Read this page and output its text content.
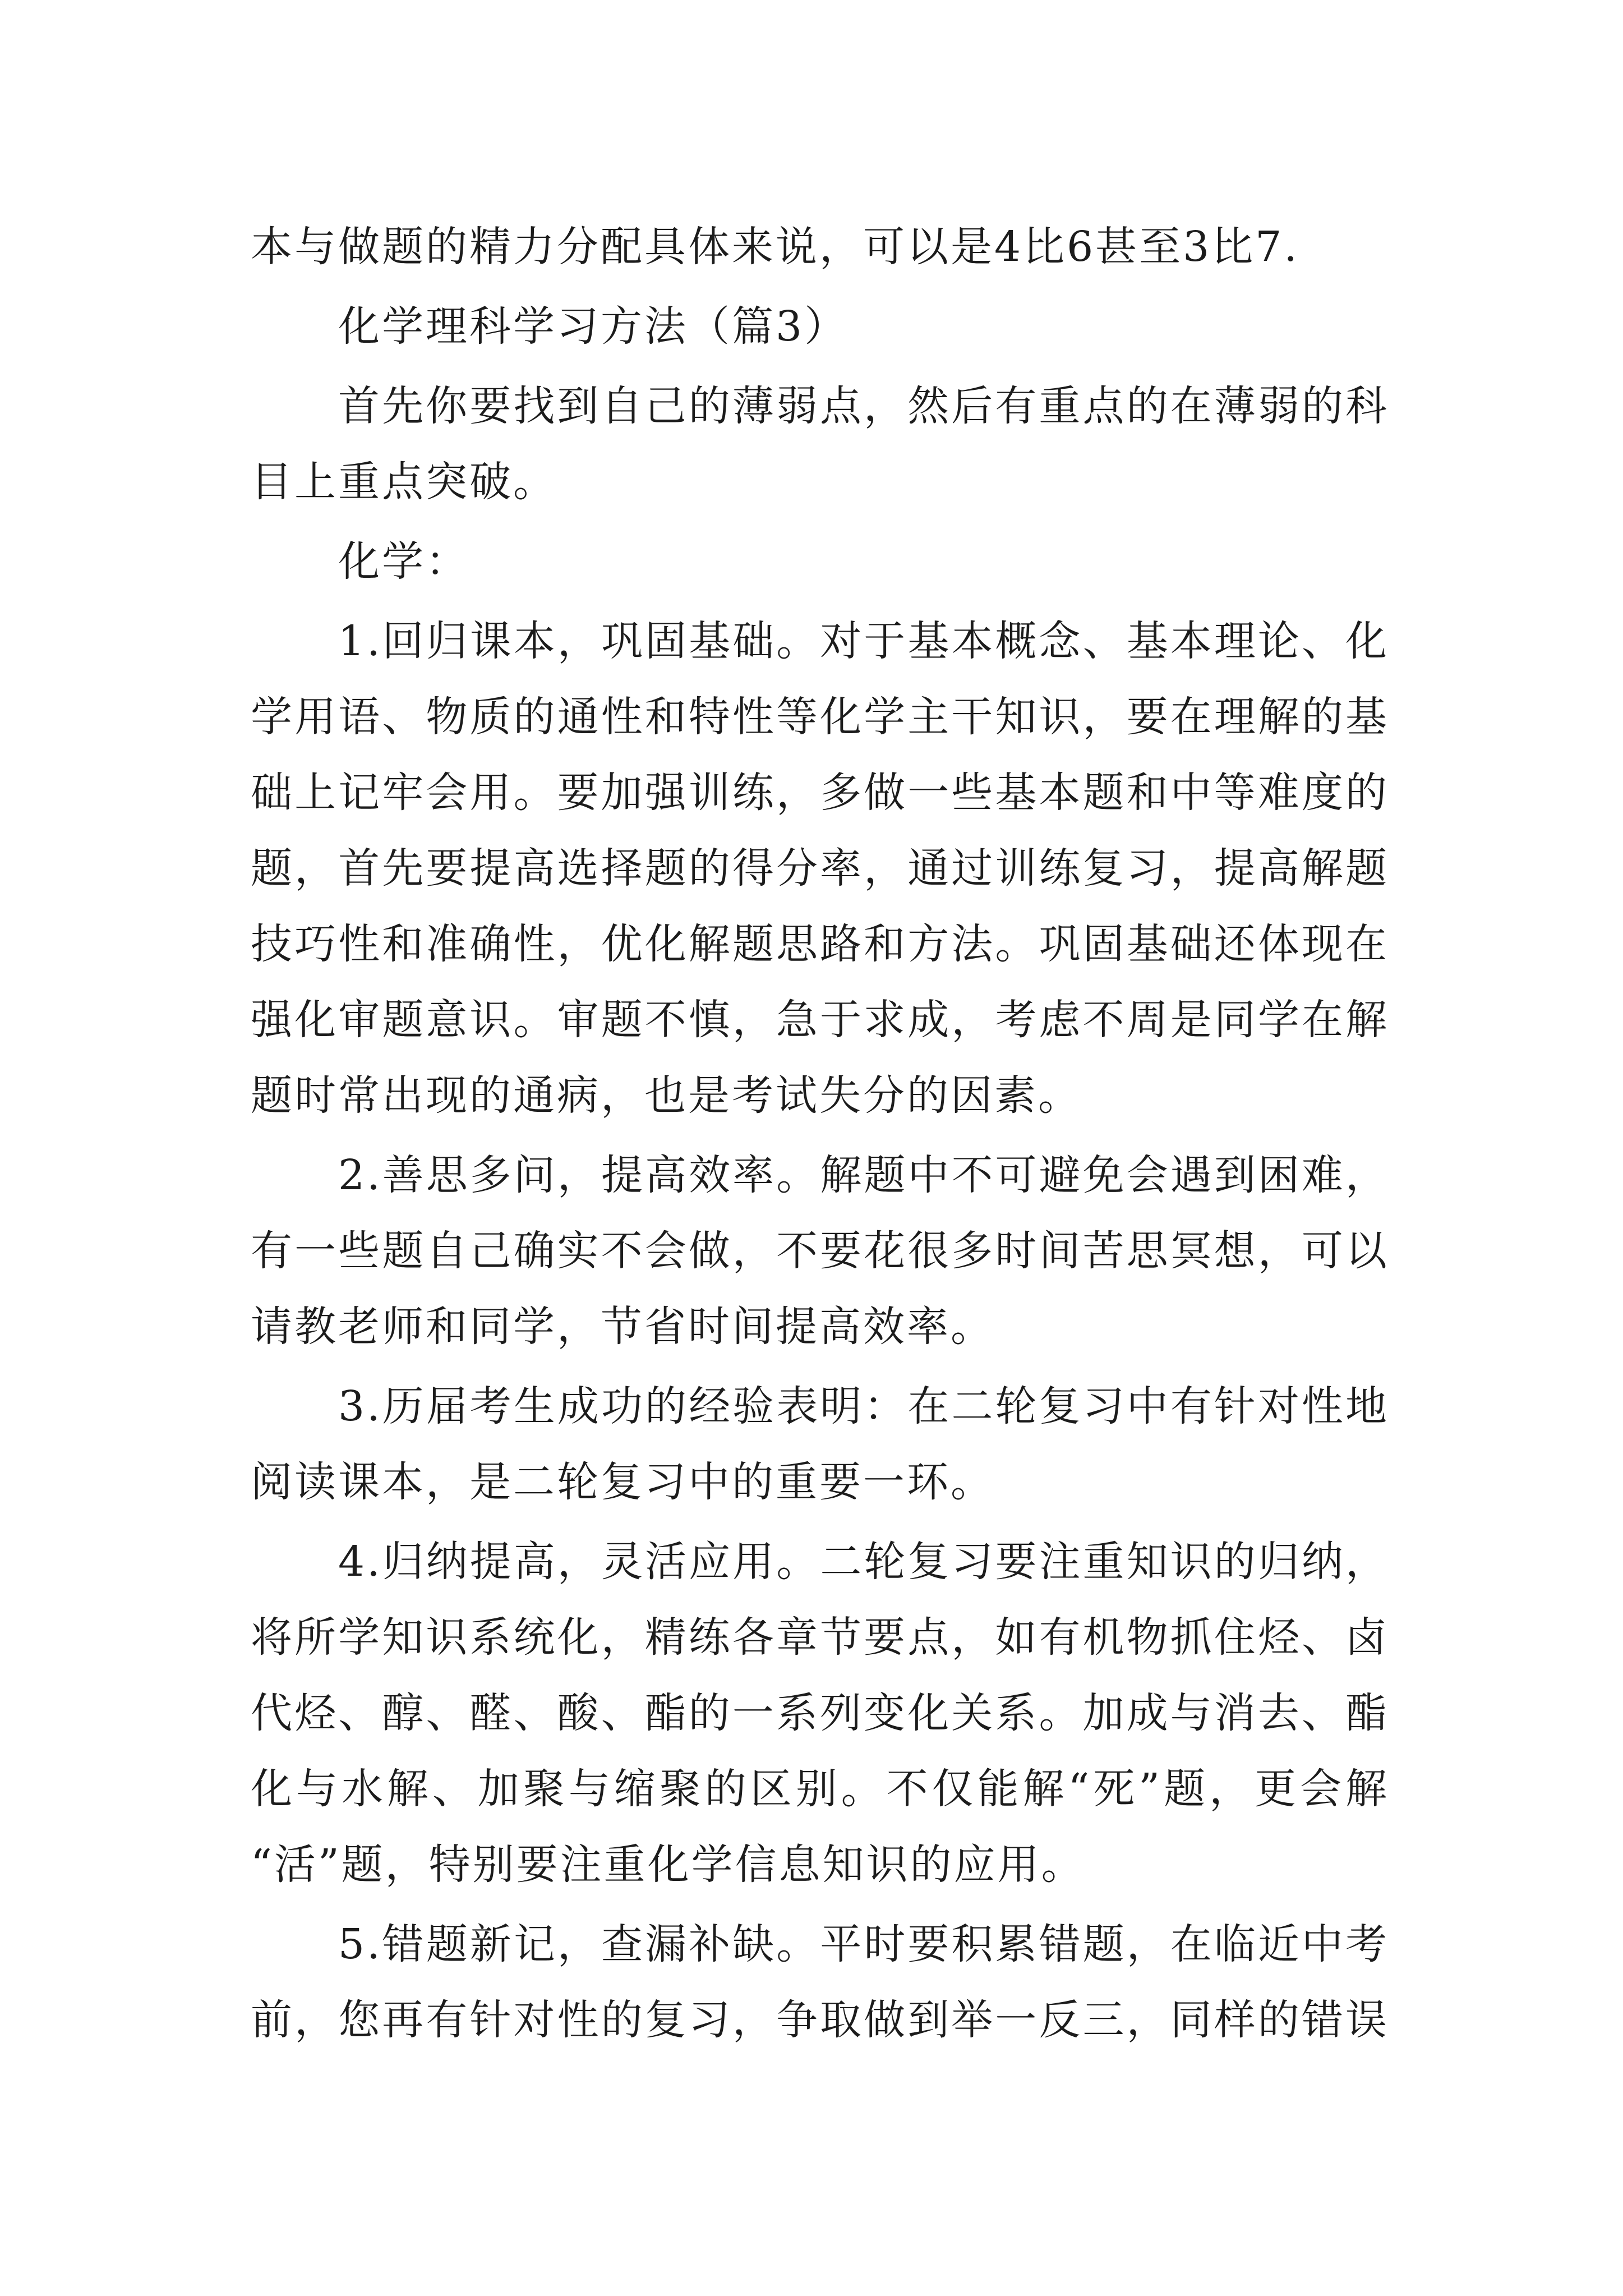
本与做题的精力分配具体来说，可以是4比6甚至3比7.
化学理科学习方法（篇3）
首先你要找到自己的薄弱点，然后有重点的在薄弱的科
目上重点突破。
化学：
1.回归课本，巩固基础。对于基本概念、基本理论、化
学用语、物质的通性和特性等化学主干知识，要在理解的基
础上记牢会用。要加强训练，多做一些基本题和中等难度的
题，首先要提高选择题的得分率，通过训练复习，提高解题
技巧性和准确性，优化解题思路和方法。巩固基础还体现在
强化审题意识。审题不慎，急于求成，考虑不周是同学在解
题时常出现的通病，也是考试失分的因素。
2.善思多问，提高效率。解题中不可避免会遇到困难，
有一些题自己确实不会做，不要花很多时间苦思冥想，可以
请教老师和同学，节省时间提高效率。
3.历届考生成功的经验表明：在二轮复习中有针对性地
阅读课本，是二轮复习中的重要一环。
4.归纳提高，灵活应用。二轮复习要注重知识的归纳，
将所学知识系统化，精练各章节要点，如有机物抓住烃、卤
代烃、醇、醛、酸、酯的一系列变化关系。加成与消去、酯
化与水解、加聚与缩聚的区别。不仅能解“死”题，更会解
“活”题，特别要注重化学信息知识的应用。
5.错题新记，查漏补缺。平时要积累错题，在临近中考
前，您再有针对性的复习，争取做到举一反三，同样的错误
